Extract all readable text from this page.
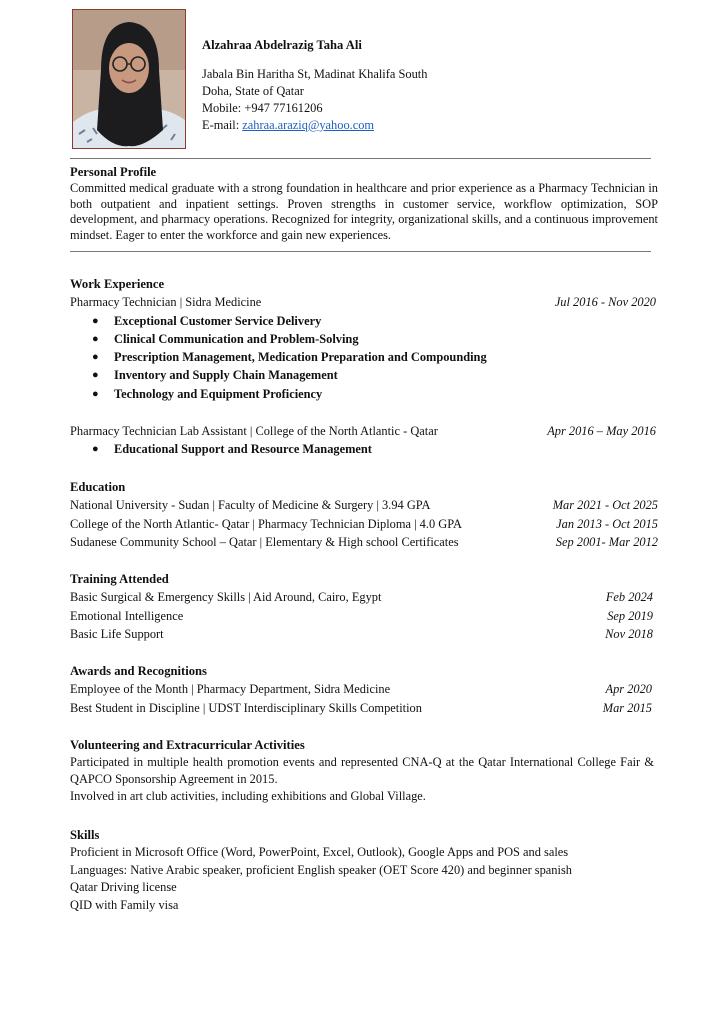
Alzahraa Abdelrazig Taha Ali
Jabala Bin Haritha St, Madinat Khalifa South
Doha, State of Qatar
Mobile: +947 77161206
E-mail: zahraa.araziq@yahoo.com
Personal Profile
Committed medical graduate with a strong foundation in healthcare and prior experience as a Pharmacy Technician in both outpatient and inpatient settings. Proven strengths in customer service, workflow optimization, SOP development, and pharmacy operations. Recognized for integrity, organizational skills, and a continuous improvement mindset. Eager to enter the workforce and gain new experiences.
Work Experience
Pharmacy Technician | Sidra Medicine	Jul 2016 - Nov 2020
● Exceptional Customer Service Delivery
● Clinical Communication and Problem-Solving
● Prescription Management, Medication Preparation and Compounding
● Inventory and Supply Chain Management
● Technology and Equipment Proficiency
Pharmacy Technician Lab Assistant | College of the North Atlantic - Qatar	Apr 2016 – May 2016
● Educational Support and Resource Management
Education
National University - Sudan | Faculty of Medicine & Surgery | 3.94 GPA	Mar 2021 - Oct 2025
College of the North Atlantic- Qatar | Pharmacy Technician Diploma | 4.0 GPA	Jan 2013 - Oct 2015
Sudanese Community School – Qatar | Elementary & High school Certificates	Sep 2001- Mar 2012
Training Attended
Basic Surgical & Emergency Skills | Aid Around, Cairo, Egypt	Feb 2024
Emotional Intelligence	Sep 2019
Basic Life Support	Nov 2018
Awards and Recognitions
Employee of the Month | Pharmacy Department, Sidra Medicine	Apr 2020
Best Student in Discipline | UDST Interdisciplinary Skills Competition	Mar 2015
Volunteering and Extracurricular Activities
Participated in multiple health promotion events and represented CNA-Q at the Qatar International College Fair & QAPCO Sponsorship Agreement in 2015.
Involved in art club activities, including exhibitions and Global Village.
Skills
Proficient in Microsoft Office (Word, PowerPoint, Excel, Outlook), Google Apps and POS and sales
Languages: Native Arabic speaker, proficient English speaker (OET Score 420) and beginner spanish
Qatar Driving license
QID with Family visa
